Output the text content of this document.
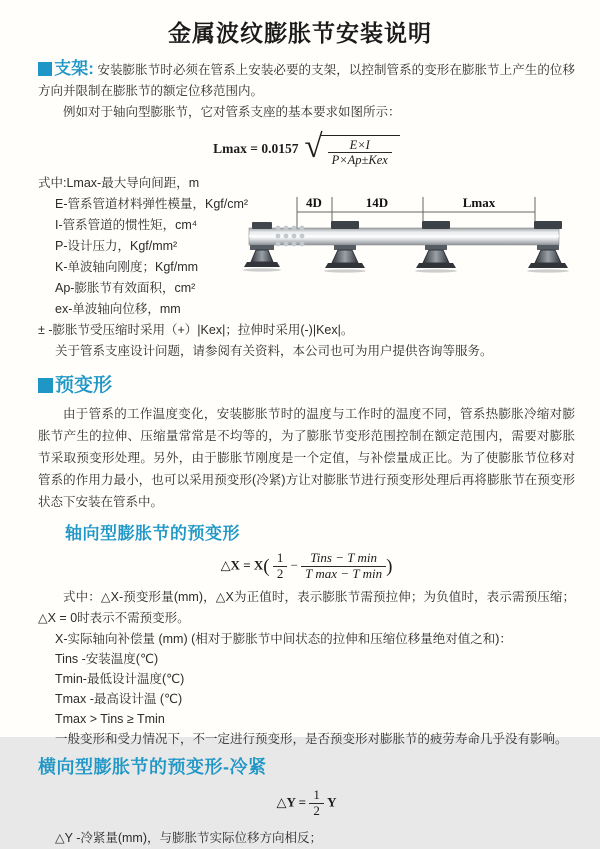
金属波纹膨胀节安装说明

支架: 安装膨胀节时必须在管系上安装必要的支架，以控制管系的变形在膨胀节上产生的位移方向并限制在膨胀节的额定位移范围内。

例如对于轴向型膨胀节，它对管系支座的基本要求如图所示：

Lmax = 0.0157 √ $\frac{E\times I}{\text{P×Ap±Kex}}$
式中:Lmax-最大导向间距，m
E-管系管道材料弹性模量，Kgf/cm²
I-管系管道的惯性矩，cm⁴
P-设计压力，Kgf/mm²
K-单波轴向刚度；Kgf/mm
Ap-膨胀节有效面积，cm²
ex-单波轴向位移，mm
± -膨胀节受压缩时采用（+）|Kex|；拉伸时采用(-)|Kex|。
关于管系支座设计问题，请参阅有关资料，本公司也可为用户提供咨询等服务。
预变形

由于管系的工作温度变化，安装膨胀节时的温度与工作时的温度不同，管系热膨胀冷缩对膨胀节产生的拉伸、压缩量常常是不均等的，为了膨胀节变形范围控制在额定范围内，需要对膨胀节采取预变形处理。另外，由于膨胀节刚度是一个定值，与补偿量成正比。为了使膨胀节位移对管系的作用力最小，也可以采用预变形(冷紧)方让对膨胀节进行预变形处理后再将膨胀节在预变形状态下安装在管系中。

轴向型膨胀节的预变形
△X = $X( \frac{1}{2} - \frac{\text{Tins − T min}}{\text{T max − T min}}$ )

式中：△X-预变形量(mm)，△X为正值时，表示膨胀节需预拉伸；为负值时，表示需预压缩；△X = 0时表示不需预变形。

X-实际轴向补偿量 (mm) (相对于膨胀节中间状态的拉伸和压缩位移量绝对值之和)：
Tins -安装温度(℃)
Tmin-最低设计温度(℃)
Tmax -最高设计温 (℃)
Tmax > Tins ≥ Tmin
一般变形和受力情况下，不一定进行预变形，是否预变形对膨胀节的疲劳寿命几乎没有影响。
横向型膨胀节的预变形-冷紧
△Y = $\frac{1}{2}$ Y
△Y -冷紧量(mm)，与膨胀节实际位移方向相反；
4D	14D	Lmax
